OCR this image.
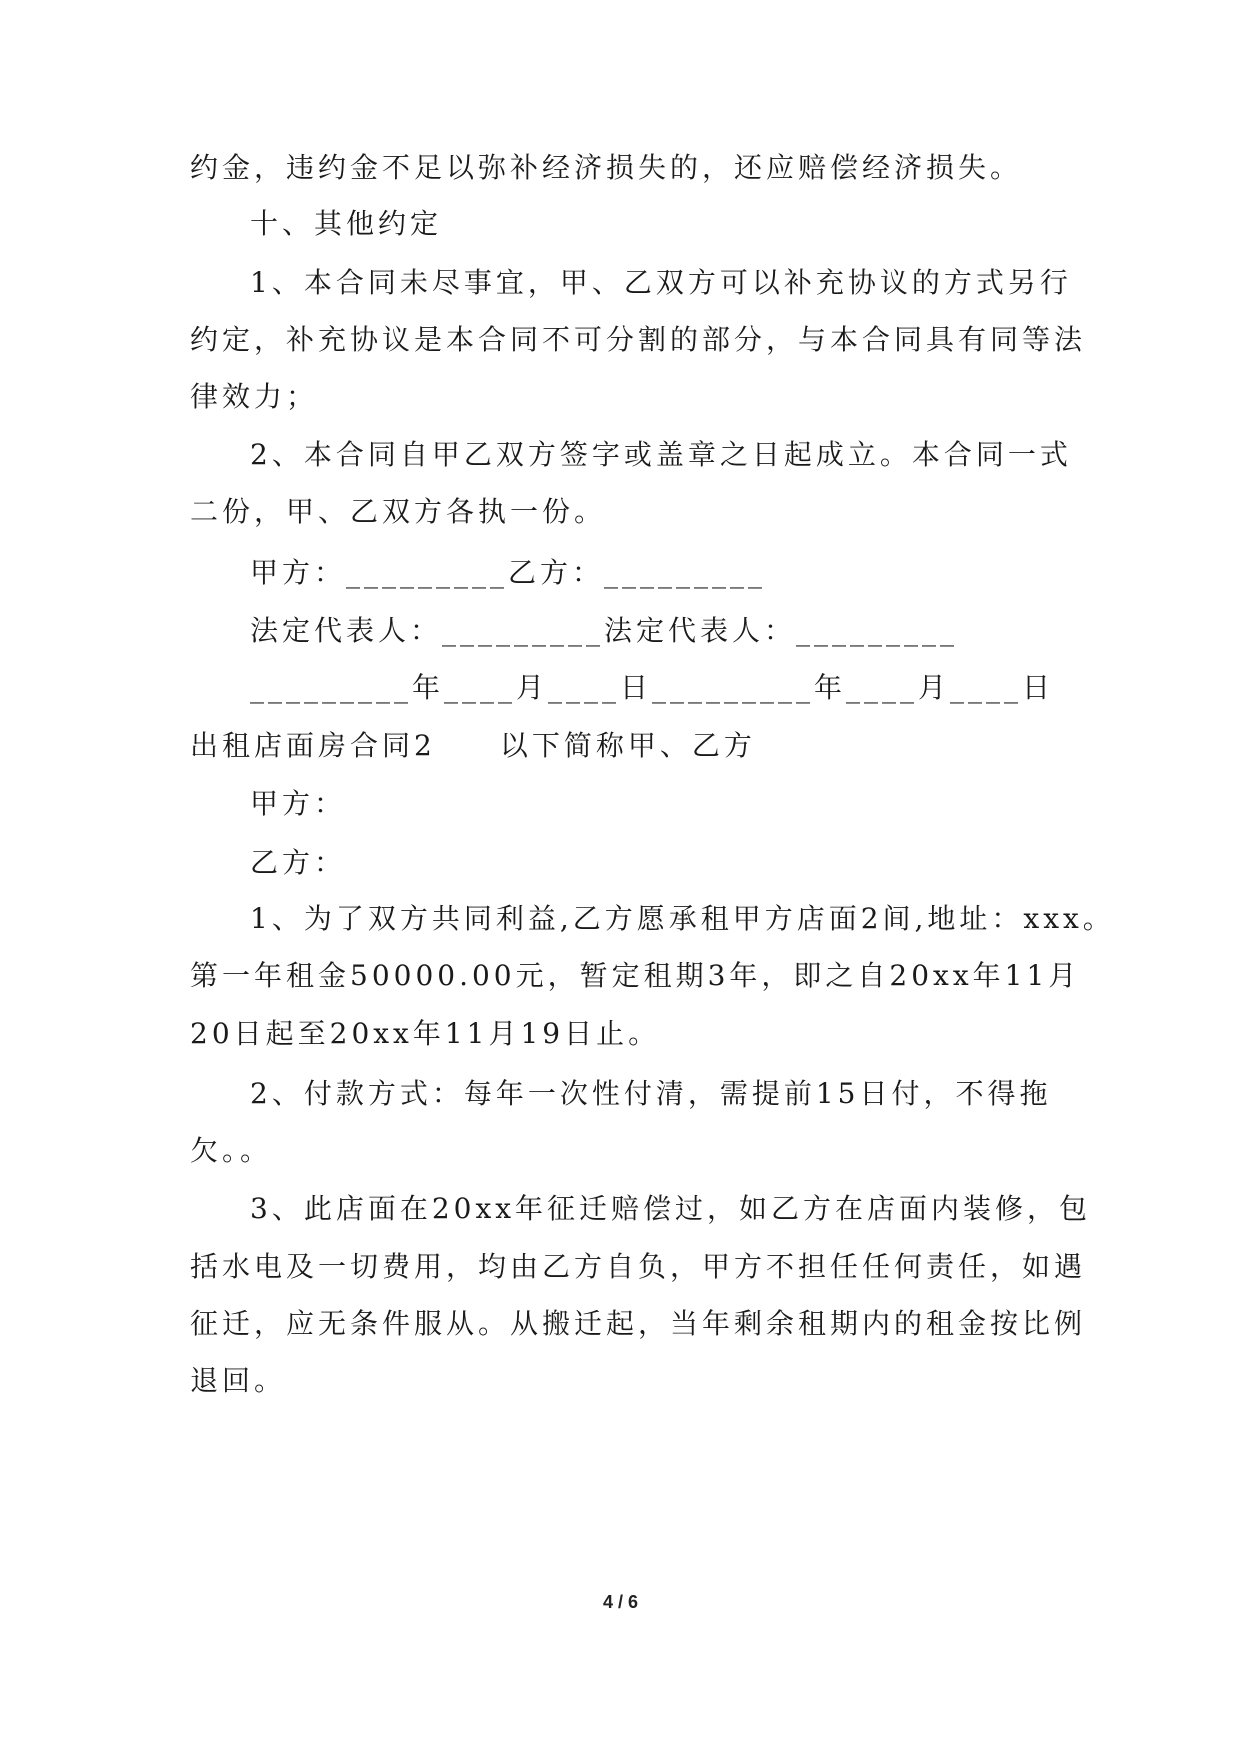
约金，违约金不足以弥补经济损失的，还应赔偿经济损失。
十、其他约定
1、本合同未尽事宜，甲、乙双方可以补充协议的方式另行
约定，补充协议是本合同不可分割的部分，与本合同具有同等法
律效力；
2、本合同自甲乙双方签字或盖章之日起成立。本合同一式
二份，甲、乙双方各执一份。
甲方：_________乙方：_________
法定代表人：_________法定代表人：_________
_________年____月____日_________年____月____日
出租店面房合同2　　以下简称甲、乙方
甲方：
乙方：
1、为了双方共同利益,乙方愿承租甲方店面2间,地址：xxx。
第一年租金50000.00元，暂定租期3年，即之自20xx年11月
20日起至20xx年11月19日止。
2、付款方式：每年一次性付清，需提前15日付，不得拖
欠。。
3、此店面在20xx年征迁赔偿过，如乙方在店面内装修，包
括水电及一切费用，均由乙方自负，甲方不担任任何责任，如遇
征迁，应无条件服从。从搬迁起，当年剩余租期内的租金按比例
退回。
4 / 6
